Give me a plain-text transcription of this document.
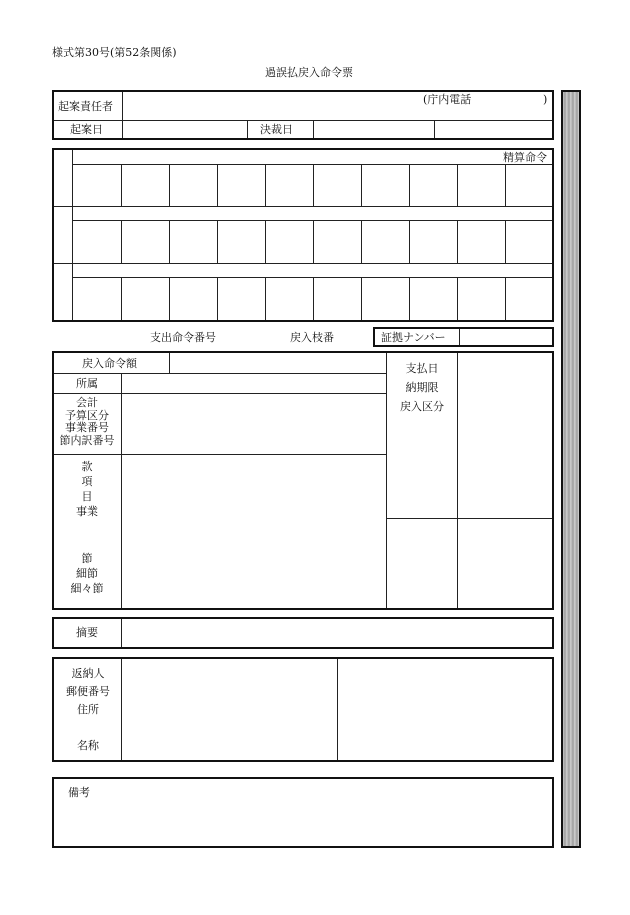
様式第30号(第52条関係)
過誤払戻入命令票
起案責任者
(庁内電話	)
起案日	決裁日
精算命令
支出命令番号	戻入枝番	証拠ナンバー
戻入命令額
所属
会計
予算区分
事業番号
節内訳番号
款
項
目
事業
節
細節
細々節
支払日
納期限
戻入区分
摘要
返納人
郵便番号
住所
名称
備考
